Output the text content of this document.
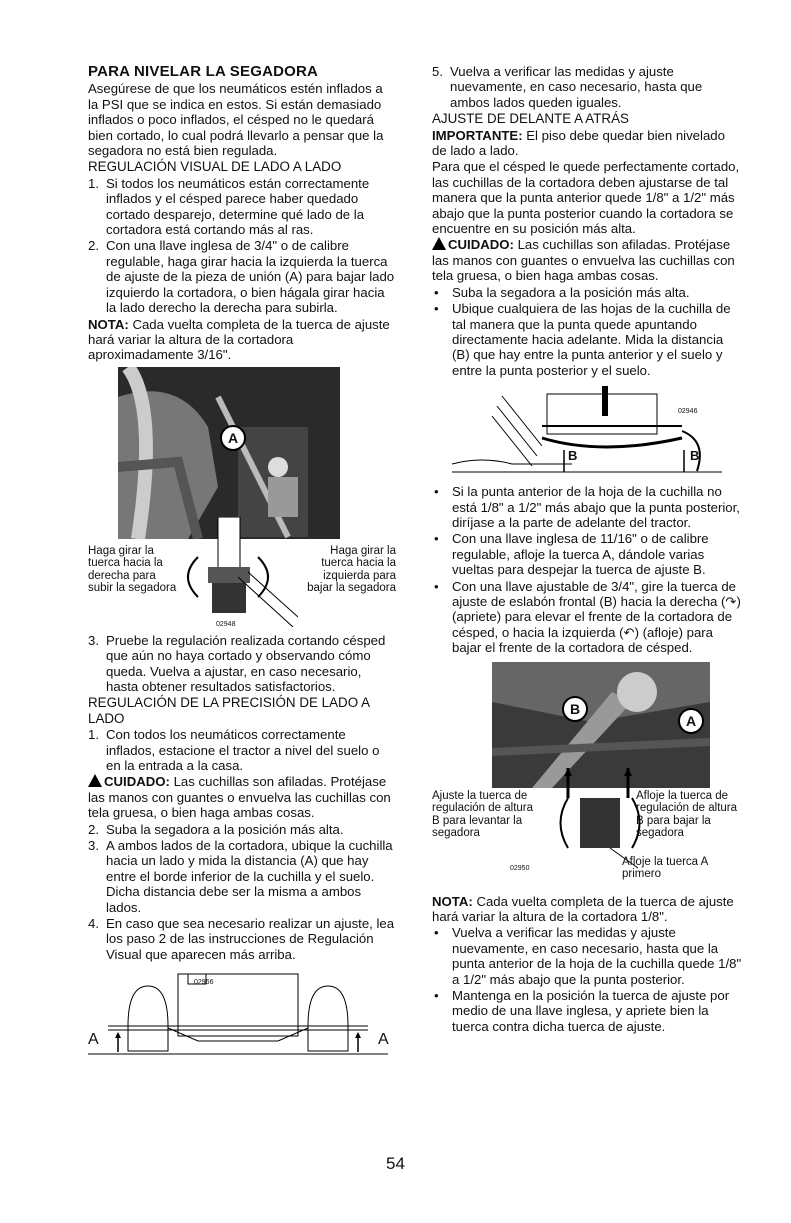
PARA NIVELAR LA SEGADORA

Asegúrese de que los neumáticos estén inflados a la PSI que se indica en estos. Si están demasiado inflados o poco inflados, el césped no le quedará bien cortado, lo cual podrá llevarlo a pensar que la segadora no está bien regulada.

REGULACIÓN VISUAL DE LADO A LADO

1. Si todos los neumáticos están correctamente inflados y el césped parece haber quedado cortado desparejo, determine qué lado de la cortadora está cortando más al ras.
2. Con una llave inglesa de 3/4" o de calibre regulable, haga girar hacia la izquierda la tuerca de ajuste de la pieza de unión (A) para bajar lado izquierdo la cortadora, o bien hágala girar hacia la lado derecho la derecha para subirla.

NOTA: Cada vuelta completa de la tuerca de ajuste hará variar la altura de la cortadora aproximadamente 3/16".

A
Haga girar la tuerca hacia la derecha para subir la segadora
Haga girar la tuerca hacia la izquierda para bajar la segadora
02948
3. Pruebe la regulación realizada cortando césped que aún no haya cortado y observando cómo queda. Vuelva a ajustar, en caso necesario, hasta obtener resultados satisfactorios.

REGULACIÓN DE LA PRECISIÓN DE LADO A LADO

1. Con todos los neumáticos correctamente inflados, estacione el tractor a nivel del suelo o en la entrada a la casa.

CUIDADO: Las cuchillas son afiladas. Protéjase las manos con guantes o envuelva las cuchillas con tela gruesa, o bien haga ambas cosas.

2. Suba la segadora a la posición más alta.
3. A ambos lados de la cortadora, ubique la cuchilla hacia un lado y mida la distancia (A) que hay entre el borde inferior de la cuchilla y el suelo. Dicha distancia debe ser la misma a ambos lados.
4. En caso que sea necesario realizar un ajuste, lea los paso 2 de las instrucciones de Regulación Visual que aparecen más arriba.
A	A
02966
5. Vuelva a verificar las medidas y ajuste nuevamente, en caso necesario, hasta que ambos lados queden iguales.

AJUSTE DE DELANTE A ATRÁS

IMPORTANTE: El piso debe quedar bien nivelado de lado a lado.

Para que el césped le quede perfectamente cortado, las cuchillas de la cortadora deben ajustarse de tal manera que la punta anterior quede 1/8" a 1/2" más abajo que la punta posterior cuando la cortadora se encuentre en su posición más alta.

CUIDADO: Las cuchillas son afiladas. Protéjase las manos con guantes o envuelva las cuchillas con tela gruesa, o bien haga ambas cosas.

•	Suba la segadora a la posición más alta.
•	Ubique cualquiera de las hojas de la cuchilla de tal manera que la punta quede apuntando directamente hacia adelante. Mida la distancia (B) que hay entre la punta anterior y el suelo y entre la punta posterior y el suelo.
B	B
02946
•	Si la punta anterior de la hoja de la cuchilla no está 1/8" a 1/2" más abajo que la punta posterior, diríjase a la parte de adelante del tractor.
•	Con una llave inglesa de 11/16" o de calibre regulable, afloje la tuerca A, dándole varias vueltas para despejar la tuerca de ajuste B.
•	Con una llave ajustable de 3/4", gire la tuerca de ajuste de eslabón frontal (B) hacia la derecha (↷) (apriete) para elevar el frente de la cortadora de césped, o hacia la izquierda (↶) (afloje) para bajar el frente de la cortadora de césped.
B
A
Ajuste la tuerca de regulación de altura B para levantar la segadora
Afloje la tuerca de regulación de altura B para bajar la segadora
Afloje la tuerca A primero
02950

NOTA: Cada vuelta completa de la tuerca de ajuste hará variar la altura de la cortadora 1/8".

•	Vuelva a verificar las medidas y ajuste nuevamente, en caso necesario, hasta que la punta anterior de la hoja de la cuchilla quede 1/8" a 1/2" más abajo que la punta posterior.
•	Mantenga en la posición la tuerca de ajuste por medio de una llave inglesa, y apriete bien la tuerca contra dicha tuerca de ajuste.
54
